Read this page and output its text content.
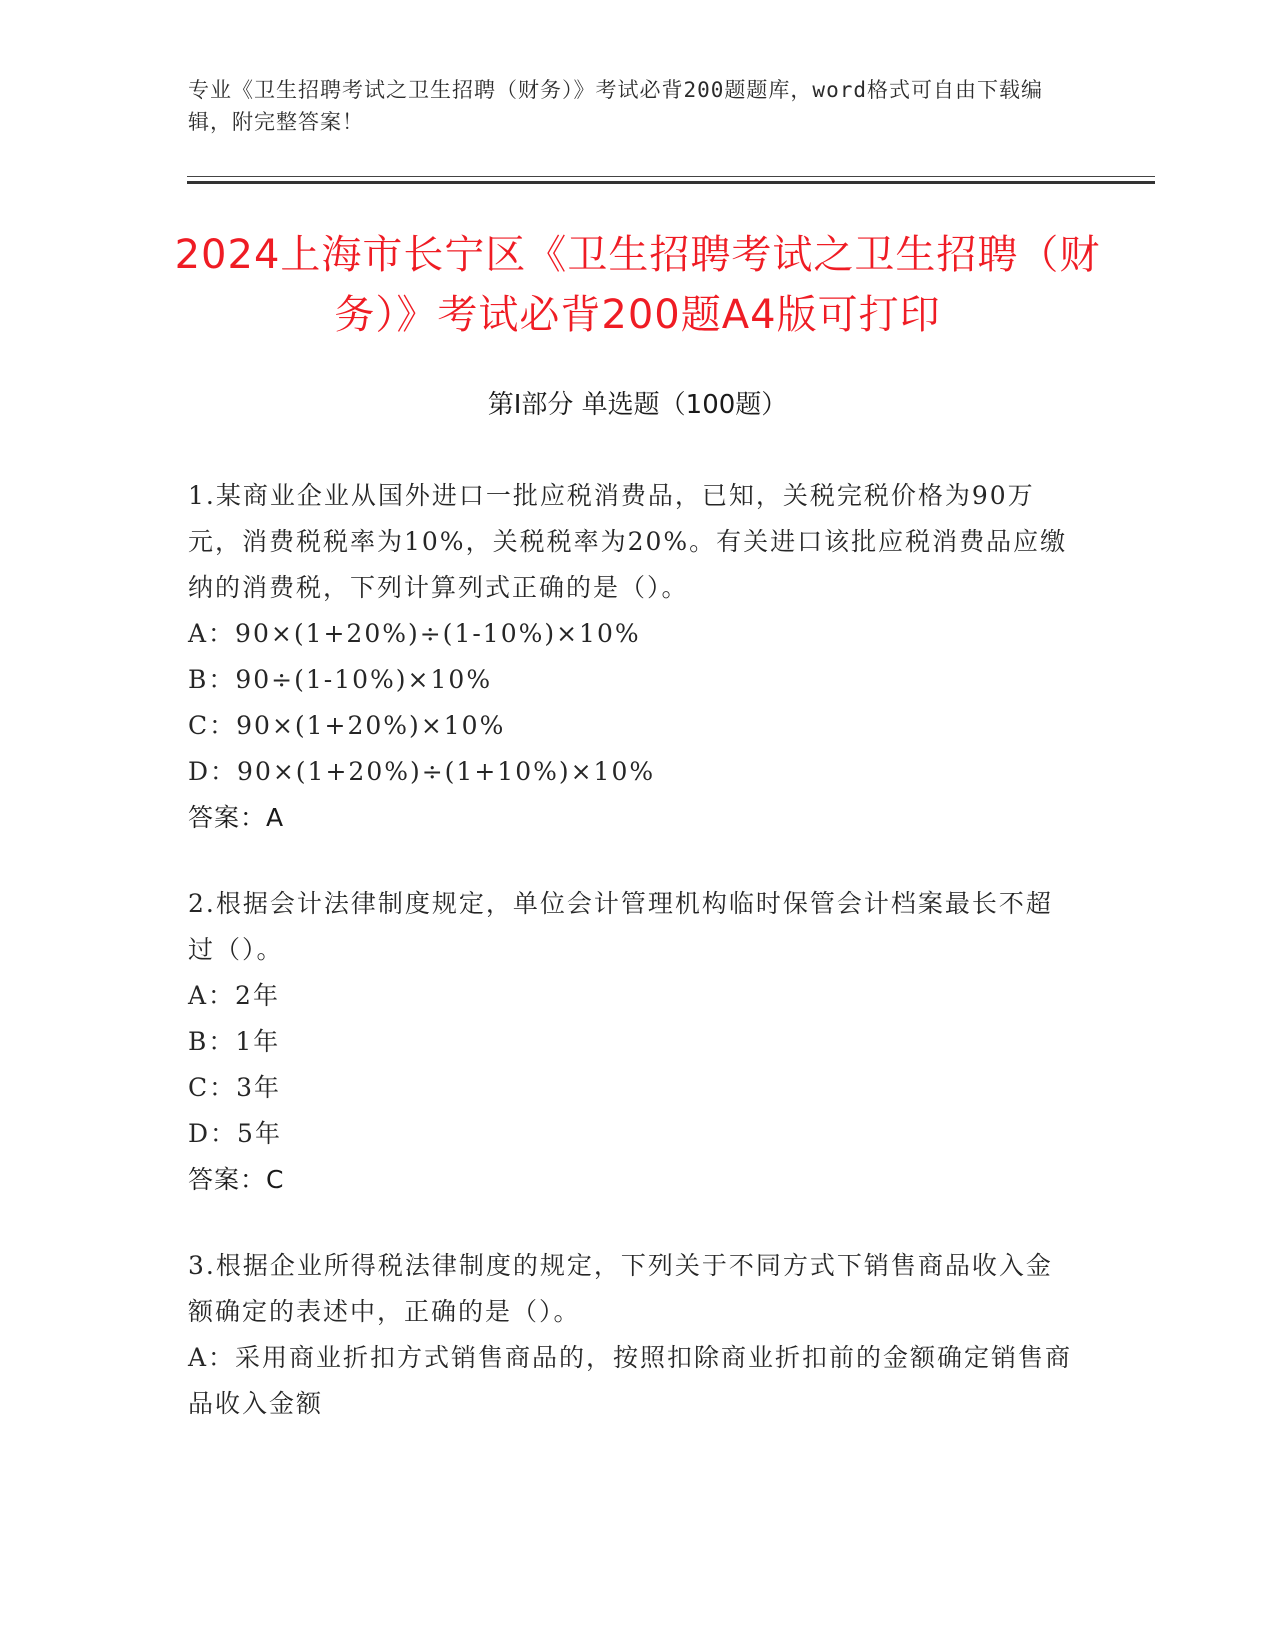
专业《卫生招聘考试之卫生招聘（财务）》考试必背200题题库，word格式可自由下载编辑，附完整答案！
2024上海市长宁区《卫生招聘考试之卫生招聘（财务）》考试必背200题A4版可打印
第Ⅰ部分 单选题（100题）
1.某商业企业从国外进口一批应税消费品，已知，关税完税价格为90万元，消费税税率为10%，关税税率为20%。有关进口该批应税消费品应缴纳的消费税，下列计算列式正确的是（）。
A：90×(1+20%)÷(1-10%)×10%
B：90÷(1-10%)×10%
C：90×(1+20%)×10%
D：90×(1+20%)÷(1+10%)×10%
答案：A
2.根据会计法律制度规定，单位会计管理机构临时保管会计档案最长不超过（）。
A：2年
B：1年
C：3年
D：5年
答案：C
3.根据企业所得税法律制度的规定，下列关于不同方式下销售商品收入金额确定的表述中，正确的是（）。
A：采用商业折扣方式销售商品的，按照扣除商业折扣前的金额确定销售商品收入金额
